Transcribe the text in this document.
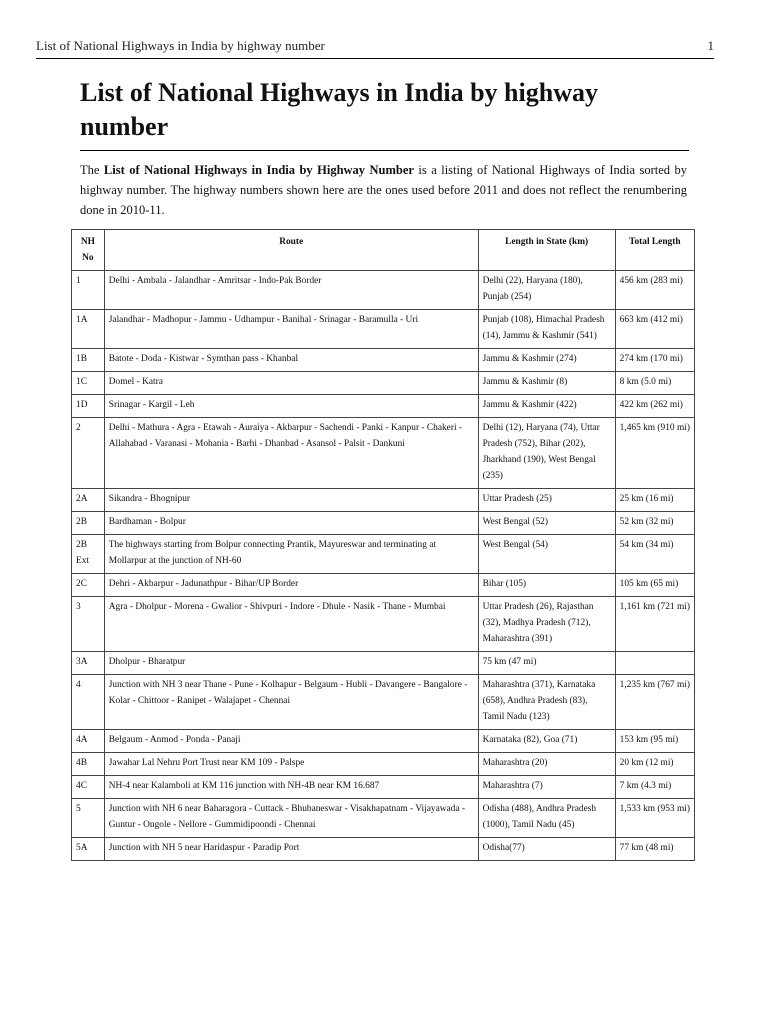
List of National Highways in India by highway number	1
List of National Highways in India by highway number

The List of National Highways in India by Highway Number is a listing of National Highways of India sorted by highway number. The highway numbers shown here are the ones used before 2011 and does not reflect the renumbering done in 2010-11.

NH No	Route	Length in State (km)	Total Length
1	Delhi - Ambala - Jalandhar - Amritsar - Indo-Pak Border	Delhi (22), Haryana (180), Punjab (254)	456 km (283 mi)
1A	Jalandhar - Madhopur - Jammu - Udhampur - Banihal - Srinagar - Baramulla - Uri	Punjab (108), Himachal Pradesh (14), Jammu & Kashmir (541)	663 km (412 mi)
1B	Batote - Doda - Kistwar - Symthan pass - Khanbal	Jammu & Kashmir (274)	274 km (170 mi)
1C	Domel - Katra	Jammu & Kashmir (8)	8 km (5.0 mi)
1D	Srinagar - Kargil - Leh	Jammu & Kashmir (422)	422 km (262 mi)
2	Delhi - Mathura - Agra - Etawah - Auraiya - Akbarpur - Sachendi - Panki - Kanpur - Chakeri - Allahabad - Varanasi - Mohania - Barhi - Dhanbad - Asansol - Palsit - Dankuni	Delhi (12), Haryana (74), Uttar Pradesh (752), Bihar (202), Jharkhand (190), West Bengal (235)	1,465 km (910 mi)
2A	Sikandra - Bhognipur	Uttar Pradesh (25)	25 km (16 mi)
2B	Bardhaman - Bolpur	West Bengal (52)	52 km (32 mi)
2B Ext	The highways starting from Bolpur connecting Prantik, Mayureswar and terminating at Mollarpur at the junction of NH-60	West Bengal (54)	54 km (34 mi)
2C	Dehri - Akbarpur - Jadunathpur - Bihar/UP Border	Bihar (105)	105 km (65 mi)
3	Agra - Dholpur - Morena - Gwalior - Shivpuri - Indore - Dhule - Nasik - Thane - Mumbai	Uttar Pradesh (26), Rajasthan (32), Madhya Pradesh (712), Maharashtra (391)	1,161 km (721 mi)
3A	Dholpur - Bharatpur	75 km (47 mi)	
4	Junction with NH 3 near Thane - Pune - Kolhapur - Belgaum - Hubli - Davangere - Bangalore - Kolar - Chittoor - Ranipet - Walajapet - Chennai	Maharashtra (371), Karnataka (658), Andhra Pradesh (83), Tamil Nadu (123)	1,235 km (767 mi)
4A	Belgaum - Anmod - Ponda - Panaji	Karnataka (82), Goa (71)	153 km (95 mi)
4B	Jawahar Lal Nehru Port Trust near KM 109 - Palspe	Maharashtra (20)	20 km (12 mi)
4C	NH-4 near Kalamboli at KM 116 junction with NH-4B near KM 16.687	Maharashtra (7)	7 km (4.3 mi)
5	Junction with NH 6 near Baharagora - Cuttack - Bhubaneswar - Visakhapatnam - Vijayawada - Guntur - Ongole - Nellore - Gummidipoondi - Chennai	Odisha (488), Andhra Pradesh (1000), Tamil Nadu (45)	1,533 km (953 mi)
5A	Junction with NH 5 near Haridaspur - Paradip Port	Odisha(77)	77 km (48 mi)
